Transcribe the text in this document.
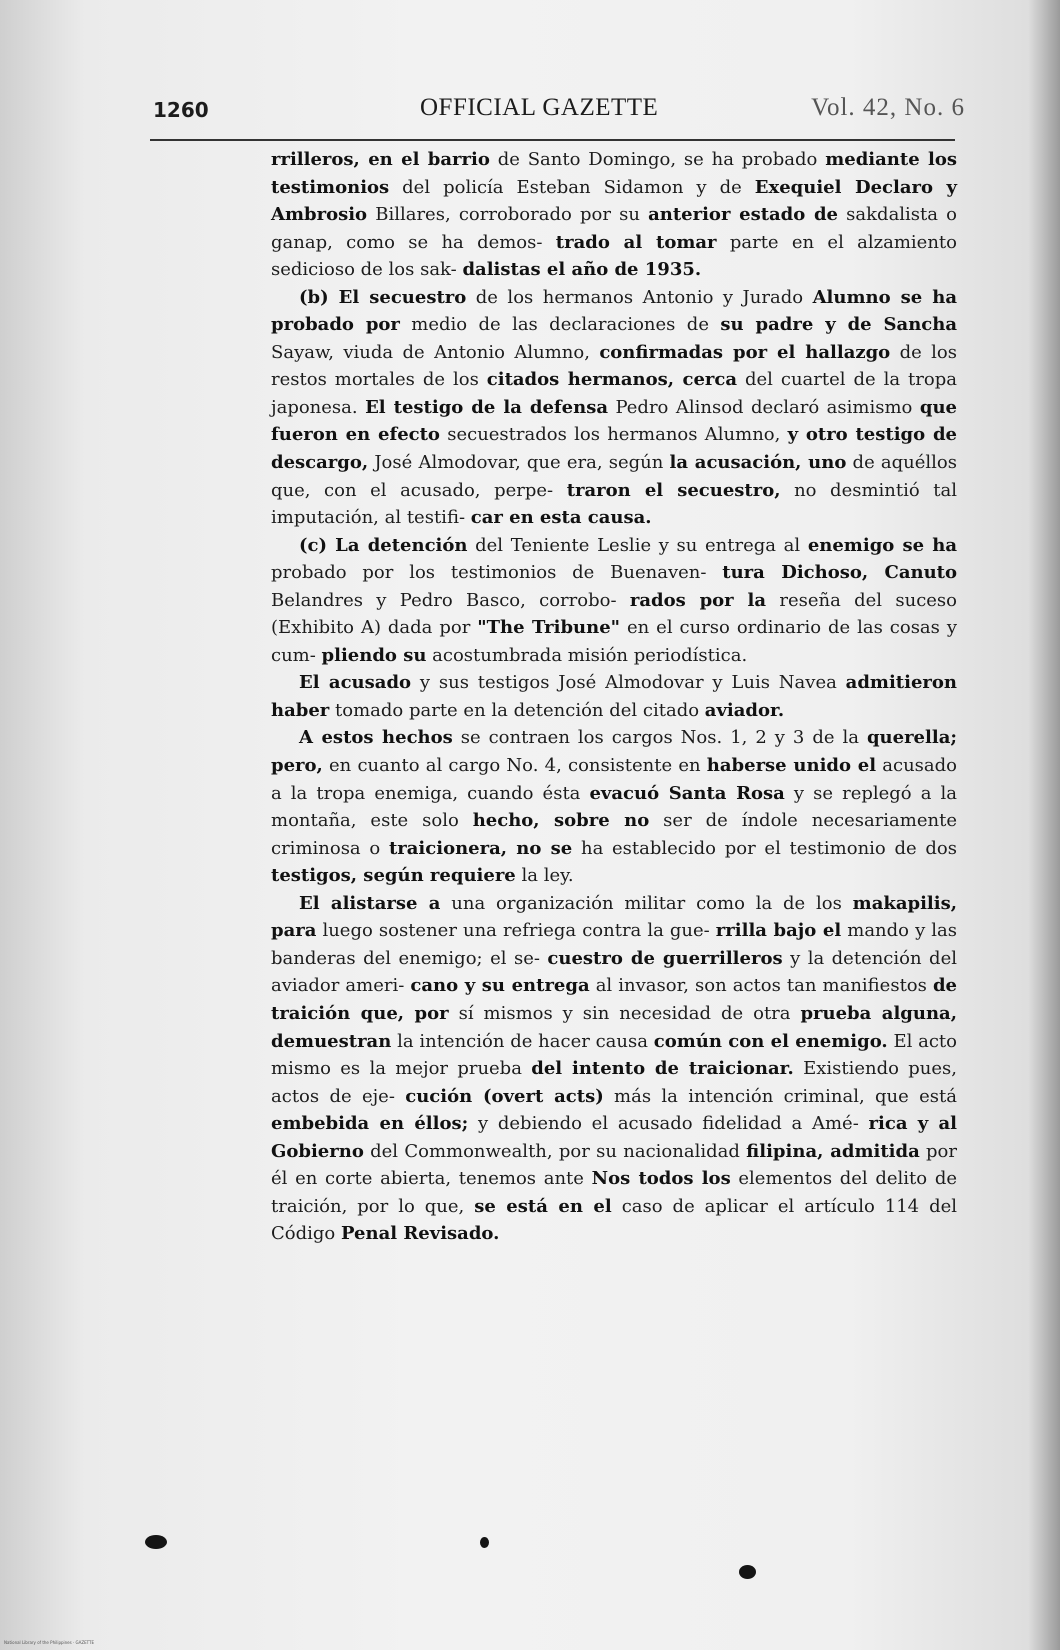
1260	OFFICIAL GAZETTE	Vol. 42, No. 6

rrilleros, en el barrio de Santo Domingo, se ha probado mediante los testimonios del policía Esteban Sidamon y de Exequiel Declaro y Ambrosio Billares, corroborado por su anterior estado de sakdalista o ganap, como se ha demos- trado al tomar parte en el alzamiento sedicioso de los sak- dalistas el año de 1935.

(b) El secuestro de los hermanos Antonio y Jurado Alumno se ha probado por medio de las declaraciones de su padre y de Sancha Sayaw, viuda de Antonio Alumno, confirmadas por el hallazgo de los restos mortales de los citados hermanos, cerca del cuartel de la tropa japonesa. El testigo de la defensa Pedro Alinsod declaró asimismo que fueron en efecto secuestrados los hermanos Alumno, y otro testigo de descargo, José Almodovar, que era, según la acusación, uno de aquéllos que, con el acusado, perpe- traron el secuestro, no desmintió tal imputación, al testifi- car en esta causa.

(c) La detención del Teniente Leslie y su entrega al enemigo se ha probado por los testimonios de Buenaven- tura Dichoso, Canuto Belandres y Pedro Basco, corrobo- rados por la reseña del suceso (Exhibito A) dada por "The Tribune" en el curso ordinario de las cosas y cum- pliendo su acostumbrada misión periodística.

El acusado y sus testigos José Almodovar y Luis Navea admitieron haber tomado parte en la detención del citado aviador.

A estos hechos se contraen los cargos Nos. 1, 2 y 3 de la querella; pero, en cuanto al cargo No. 4, consistente en haberse unido el acusado a la tropa enemiga, cuando ésta evacuó Santa Rosa y se replegó a la montaña, este solo hecho, sobre no ser de índole necesariamente criminosa o traicionera, no se ha establecido por el testimonio de dos testigos, según requiere la ley.

El alistarse a una organización militar como la de los makapilis, para luego sostener una refriega contra la gue- rrilla bajo el mando y las banderas del enemigo; el se- cuestro de guerrilleros y la detención del aviador ameri- cano y su entrega al invasor, son actos tan manifiestos de traición que, por sí mismos y sin necesidad de otra prueba alguna, demuestran la intención de hacer causa común con el enemigo. El acto mismo es la mejor prueba del intento de traicionar. Existiendo pues, actos de eje- cución (overt acts) más la intención criminal, que está embebida en éllos; y debiendo el acusado fidelidad a Amé- rica y al Gobierno del Commonwealth, por su nacionalidad filipina, admitida por él en corte abierta, tenemos ante Nos todos los elementos del delito de traición, por lo que, se está en el caso de aplicar el artículo 114 del Código Penal Revisado.

National Library of the Philippines · GAZETTE
